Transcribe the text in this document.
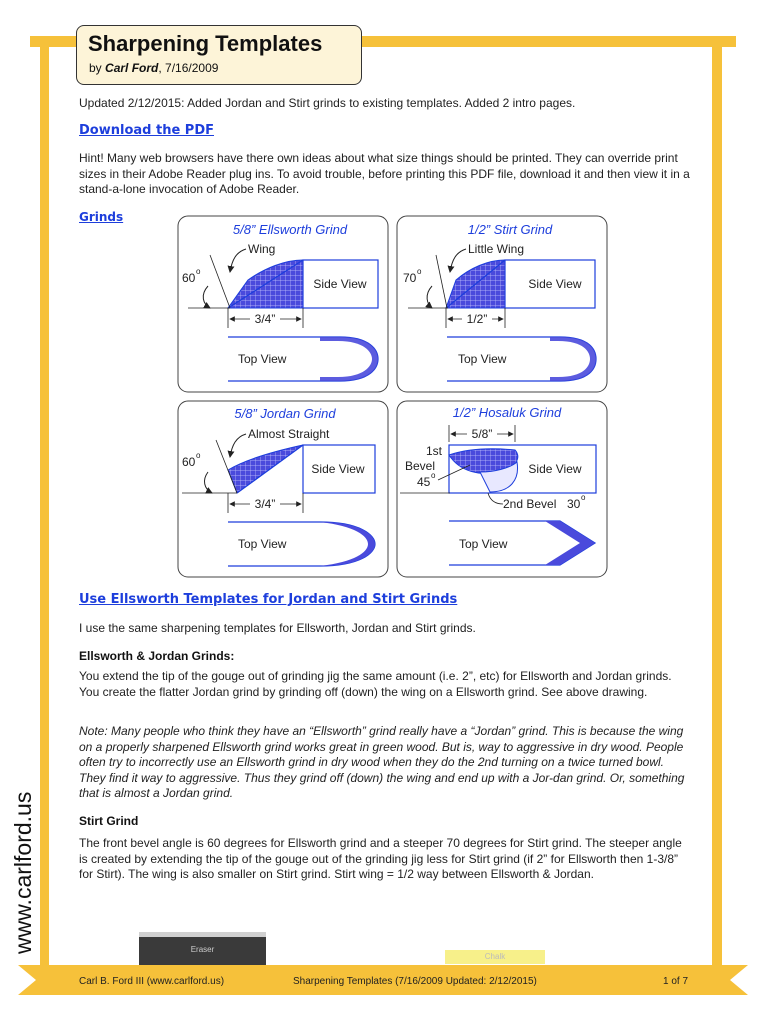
Sharpening Templates
by Carl Ford, 7/16/2009
Updated 2/12/2015: Added Jordan and Stirt grinds to existing templates. Added 2 intro pages.
Download the PDF
Hint! Many web browsers have there own ideas about what size things should be printed. They can override print sizes in their Adobe Reader plug ins. To avoid trouble, before printing this PDF file, download it and then view it in a stand-a-lone invocation of Adobe Reader.
Grinds
5/8” Ellsworth Grind
Wing
Side View
60 o
3/4”
Top View
1/2” Stirt Grind
Little Wing
Side View
70 o
1/2”
Top View
5/8” Jordan Grind
Almost Straight
Side View
60 o
3/4”
Top View
1/2” Hosaluk Grind
5/8”
Side View
1st
Bevel
45 o
2nd Bevel 30 o
Top View
Use Ellsworth Templates for Jordan and Stirt Grinds
I use the same sharpening templates for Ellsworth, Jordan and Stirt grinds.
Ellsworth & Jordan Grinds:
You extend the tip of the gouge out of grinding jig the same amount (i.e. 2”, etc) for Ellsworth and Jordan grinds. You create the flatter Jordan grind by grinding off (down) the wing on a Ellsworth grind. See above drawing.
Note: Many people who think they have an “Ellsworth” grind really have a “Jordan” grind. This is because the wing on a properly sharpened Ellsworth grind works great in green wood. But is, way to aggressive in dry wood. People often try to incorrectly use an Ellsworth grind in dry wood when they do the 2nd turning on a twice turned bowl. They find it way to aggressive. Thus they grind off (down) the wing and end up with a Jor-dan grind. Or, something that is almost a Jordan grind.
Stirt Grind
The front bevel angle is 60 degrees for Ellsworth grind and a steeper 70 degrees for Stirt grind. The steeper angle is created by extending the tip of the gouge out of the grinding jig less for Stirt grind (if 2” for Ellsworth then 1-3/8” for Stirt). The wing is also smaller on Stirt grind. Stirt wing = 1/2 way between Ellsworth & Jordan.
www.carlford.us	Eraser
Chalk
Carl B. Ford III (www.carlford.us)	Sharpening Templates (7/16/2009 Updated: 2/12/2015)	1 of 7
